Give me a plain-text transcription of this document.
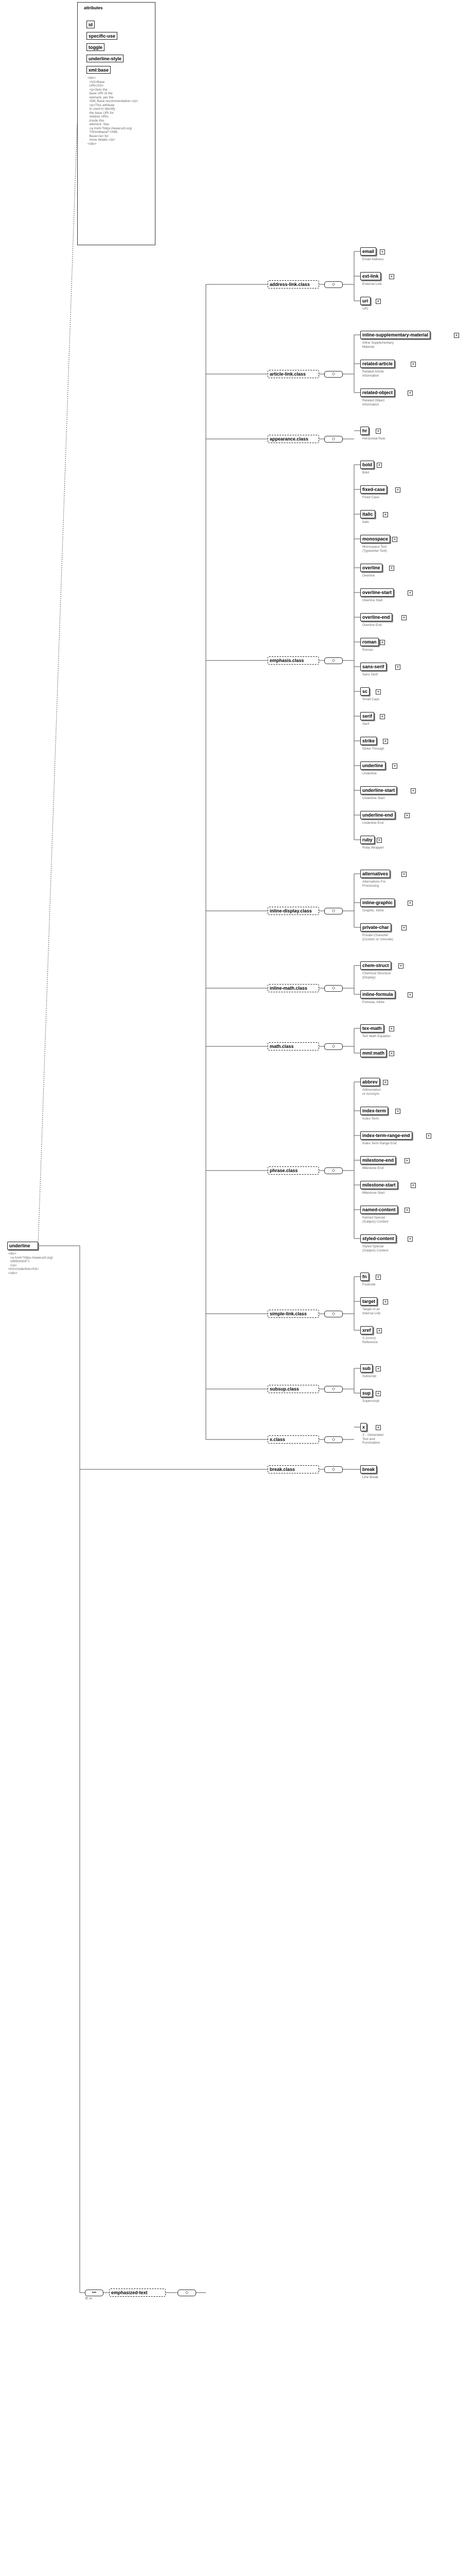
underline
<div>
<a href="https://www.w3.org/
1999/xhtml">
</a>
<h3>Underline</h3>
</div>
attributes
id
specific-use
toggle
underline-style
xml:base
<div>
<h3>Base
URI</h3>
<p>Sets the
base URI of the
element, per the
XML Base recommendation.</p>
<p>This attribute
is used to identify
the base URI for
relative URIs
inside this
element. See
<a href="https://www.w3.org/
TR/xmlbase/">XML
Base</a> for
more details.</p>
</div>
•••
0..∞
emphasized-text	◇
address-link.class	◇
email	+
Email Address
ext-link	+
External Link
uri	+
URI
article-link.class	◇
inline-supplementary-material	+
Inline Supplementary
Material
related-article	+
Related Article
Information
related-object	+
Related Object
Information
appearance.class	◇
hr	+
Horizontal Rule
emphasis.class	◇
bold	+
Bold
fixed-case	+
Fixed Case
italic	+
Italic
monospace	+
Monospace Text
(Typewriter Text)
overline	+
Overline
overline-start	+
Overline Start
overline-end	+
Overline End
roman	+
Roman
sans-serif	+
Sans Serif
sc	+
Small Caps
serif	+
Serif
strike	+
Strike Through
underline	+
Underline
underline-start	+
Underline Start
underline-end	+
Underline End
ruby	+
Ruby Wrapper
inline-display.class	◇
alternatives	+
Alternatives For
Processing
inline-graphic	+
Graphic, Inline
private-char	+
Private Character
(Custom or Unicode)
inline-math.class	◇
chem-struct	+
Chemical Structure
(Display)
inline-formula	+
Formula, Inline
math.class	◇
tex-math	+
TeX Math Equation
mml:math	+
phrase.class	◇
abbrev	+
Abbreviation
or Acronym
index-term	+
Index Term
index-term-range-end	+
Index Term Range End
milestone-end	+
Milestone End
milestone-start	+
Milestone Start
named-content	+
Named Special
(Subject) Content
styled-content	+
Styled Special
(Subject) Content
simple-link.class	◇
fn	+
Footnote
target	+
Target of an
Internal Link
xref	+
X (cross)
Reference
subsup.class	◇
sub	+
Subscript
sup	+
Superscript
x.class	◇
x	+
X - Generated
Text and
Punctuation
break.class	◇	break
Line Break
